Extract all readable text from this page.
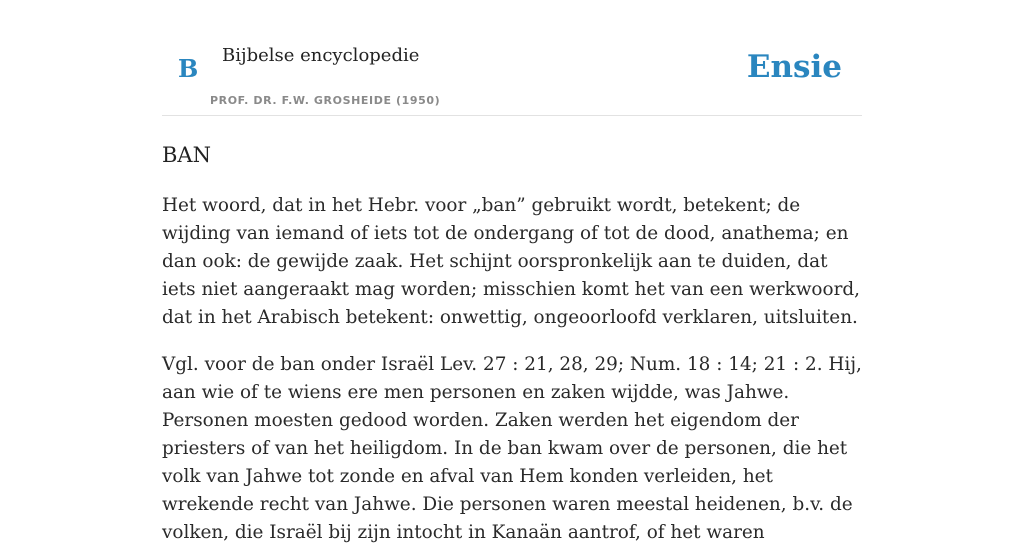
B Bijbelse encyclopedie
PROF. DR. F.W. GROSHEIDE (1950)
Ensie
BAN

Het woord, dat in het Hebr. voor „ban” gebruikt wordt, betekent; de wijding van iemand of iets tot de ondergang of tot de dood, anathema; en dan ook: de gewijde zaak. Het schijnt oorspronkelijk aan te duiden, dat iets niet aangeraakt mag worden; misschien komt het van een werkwoord, dat in het Arabisch betekent: onwettig, ongeoorloofd verklaren, uitsluiten.

Vgl. voor de ban onder Israël Lev. 27 : 21, 28, 29; Num. 18 : 14; 21 : 2. Hij, aan wie of te wiens ere men personen en zaken wijdde, was Jahwe. Personen moesten gedood worden. Zaken werden het eigendom der priesters of van het heiligdom. In de ban kwam over de personen, die het volk van Jahwe tot zonde en afval van Hem konden verleiden, het wrekende recht van Jahwe. Die personen waren meestal heidenen, b.v. de volken, die Israël bij zijn intocht in Kanaän aantrof, of het waren
